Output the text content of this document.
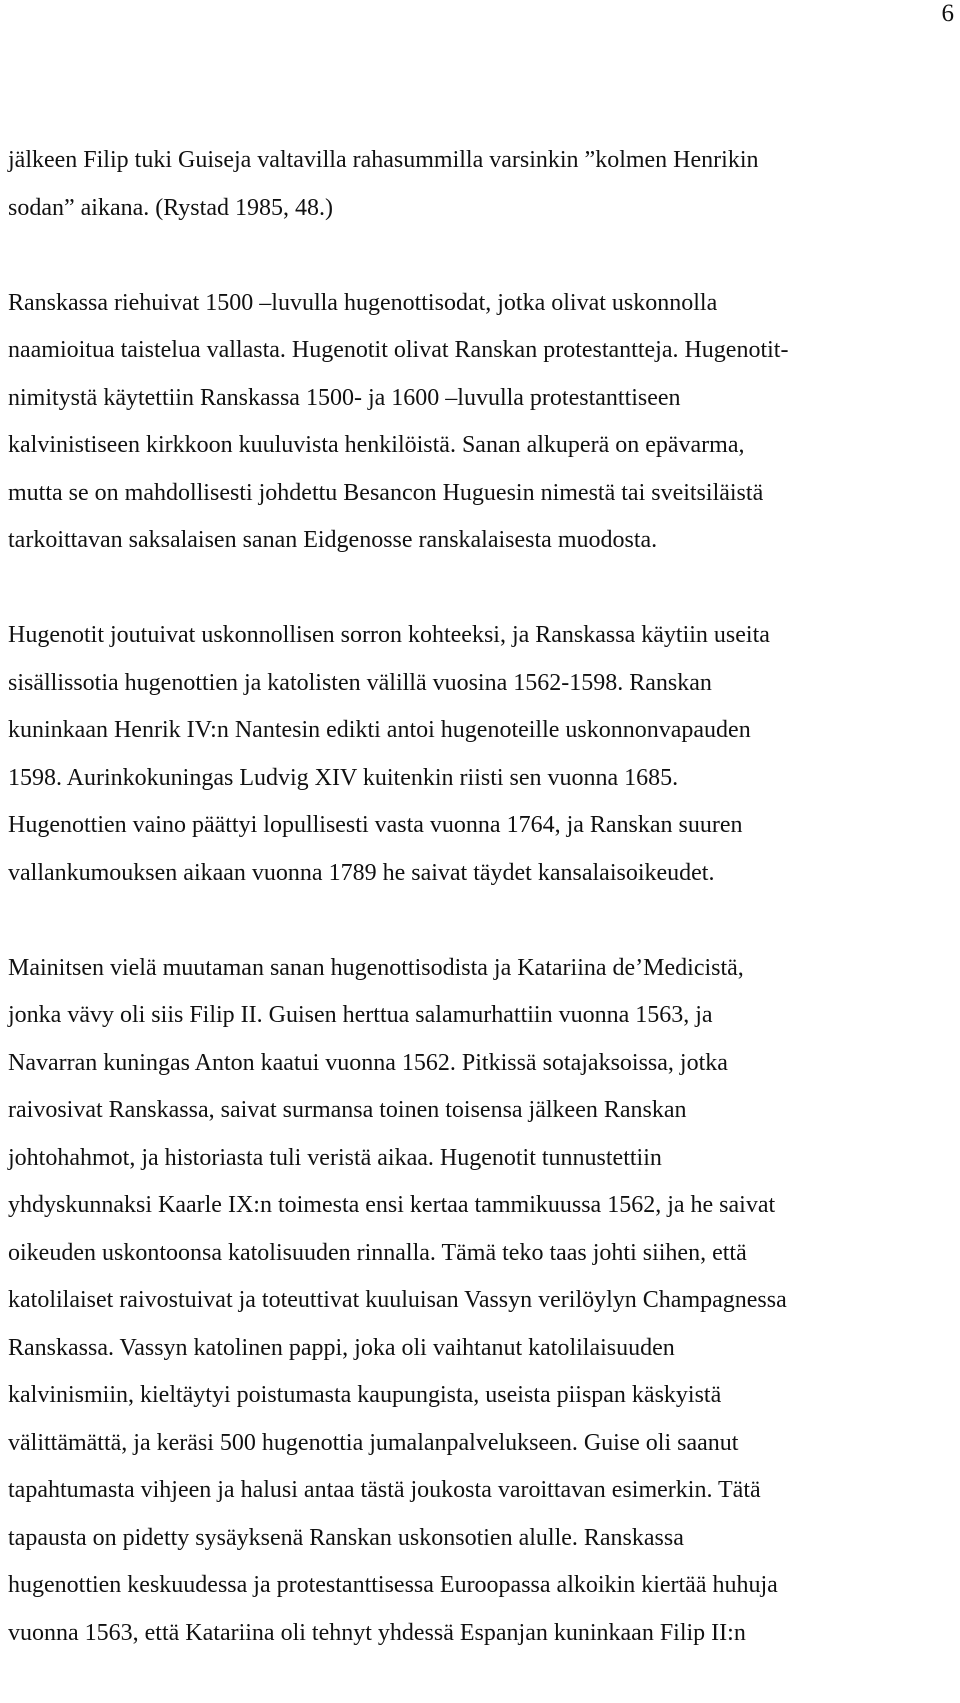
6
jälkeen Filip tuki Guiseja valtavilla rahasummilla varsinkin ”kolmen Henrikin
sodan” aikana. (Rystad 1985, 48.)
Ranskassa riehuivat 1500 –luvulla hugenottisodat, jotka olivat uskonnolla
naamioitua taistelua vallasta. Hugenotit olivat Ranskan protestantteja. Hugenotit-
nimitystä käytettiin Ranskassa 1500- ja 1600 –luvulla protestanttiseen
kalvinistiseen kirkkoon kuuluvista henkilöistä. Sanan alkuperä on epävarma,
mutta se on mahdollisesti johdettu Besancon Huguesin nimestä tai sveitsiläistä
tarkoittavan saksalaisen sanan Eidgenosse ranskalaisesta muodosta.
Hugenotit joutuivat uskonnollisen sorron kohteeksi, ja Ranskassa käytiin useita
sisällissotia hugenottien ja katolisten välillä vuosina 1562-1598. Ranskan
kuninkaan Henrik IV:n Nantesin edikti antoi hugenoteille uskonnonvapauden
1598. Aurinkokuningas Ludvig XIV kuitenkin riisti sen vuonna 1685.
Hugenottien vaino päättyi lopullisesti vasta vuonna 1764, ja Ranskan suuren
vallankumouksen aikaan vuonna 1789 he saivat täydet kansalaisoikeudet.
Mainitsen vielä muutaman sanan hugenottisodista ja Katariina de’Medicistä,
jonka vävy oli siis Filip II. Guisen herttua salamurhattiin vuonna 1563, ja
Navarran kuningas Anton kaatui vuonna 1562. Pitkissä sotajaksoissa, jotka
raivosivat Ranskassa, saivat surmansa toinen toisensa jälkeen Ranskan
johtohahmot, ja historiasta tuli veristä aikaa. Hugenotit tunnustettiin
yhdyskunnaksi Kaarle IX:n toimesta ensi kertaa tammikuussa 1562, ja he saivat
oikeuden uskontoonsa katolisuuden rinnalla. Tämä teko taas johti siihen, että
katolilaiset raivostuivat ja toteuttivat kuuluisan Vassyn verilöylyn Champagnessa
Ranskassa. Vassyn katolinen pappi, joka oli vaihtanut katolilaisuuden
kalvinismiin, kieltäytyi poistumasta kaupungista, useista piispan käskyistä
välittämättä, ja keräsi 500 hugenottia jumalanpalvelukseen. Guise oli saanut
tapahtumasta vihjeen ja halusi antaa tästä joukosta varoittavan esimerkin. Tätä
tapausta on pidetty sysäyksenä Ranskan uskonsotien alulle. Ranskassa
hugenottien keskuudessa ja protestanttisessa Euroopassa alkoikin kiertää huhuja
vuonna 1563, että Katariina oli tehnyt yhdessä Espanjan kuninkaan Filip II:n
